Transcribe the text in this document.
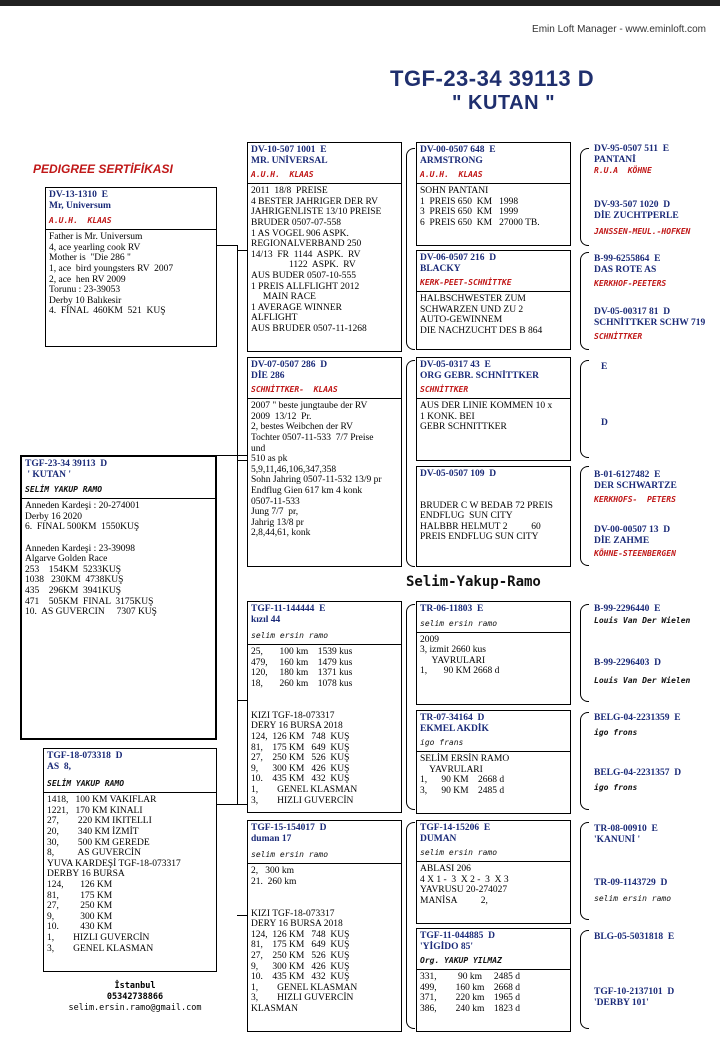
Emin Loft Manager - www.eminloft.com
TGF-23-34 39113 D
" KUTAN "
PEDIGREE SERTİFİKASI
Selim-Yakup-Ramo
DV-13-1310  E
Mr, Universum
A.U.H.  KLAAS
Father is Mr. Universum
4, ace yearling cook RV
Mother is  "Die 286 "
1, ace  bird youngsters RV  2007
2, ace  hen RV 2009
Torunu : 23-39053
Derby 10 Balıkesir
4.  FİNAL  460KM  521  KUŞ
TGF-23-34 39113  D
' KUTAN '
SELİM YAKUP RAMO
Anneden Kardeşi : 20-274001
Derby 16 2020
6.  FINAL 500KM  1550KUŞ

Anneden Kardeşi : 23-39098
Algarve Golden Race
253    154KM  5233KUŞ
1038   230KM  4738KUŞ
435    296KM  3941KUŞ
471    505KM  FINAL  3175KUŞ
10.  AS GUVERCIN     7307 KUŞ
TGF-18-073318  D
AS  8,
SELİM YAKUP RAMO
1418,   100 KM VAKIFLAR
1221,   170 KM KINALI
27,        220 KM IKITELLI
20,        340 KM İZMİT
30,        500 KM GEREDE
8,          AS GUVERCİN
YUVA KARDEŞİ TGF-18-073317
DERBY 16 BURSA
124,       126 KM
81,         175 KM
27,         250 KM
9,           300 KM
10.         430 KM
1,        HIZLI GUVERCİN
3,        GENEL KLASMAN
İstanbul
05342738866
selim.ersin.ramo@gmail.com
DV-10-507 1001  E
MR. UNİVERSAL
A.U.H.  KLAAS
2011  18/8  PREISE
4 BESTER JAHRIGER DER RV
JAHRIGENLISTE 13/10 PREISE
BRUDER 0507-07-558
1 AS VOGEL 906 ASPK.
REGIONALVERBAND 250
14/13  FR  1144  ASPK.  RV
1122  ASPK.  RV
AUS BUDER 0507-10-555
1 PREIS ALLFLIGHT 2012
MAIN RACE
1 AVERAGE WINNER
ALFLIGHT
AUS BRUDER 0507-11-1268
DV-07-0507 286  D
DİE 286
SCHNİTTKER-  KLAAS
2007 " beste jungtaube der RV
2009  13/12  Pr.
2, bestes Weibchen der RV
Tochter 0507-11-533  7/7 Preise
und
510 as pk
5,9,11,46,106,347,358
Sohn Jahring 0507-11-532 13/9 pr
Endflug Gien 617 km 4 konk
0507-11-533
Jung 7/7  pr,
Jahrig 13/8 pr
2,8,44,61, konk
TGF-11-144444  E
kızıl 44
selim ersin ramo
25,       100 km    1539 kus
479,     160 km    1479 kus
120,     180 km    1371 kus
18,       260 km    1078 kus

KIZI TGF-18-073317
DERY 16 BURSA 2018
124,  126 KM   748  KUŞ
81,    175 KM   649  KUŞ
27,    250 KM   526  KUŞ
9,      300 KM   426  KUŞ
10.    435 KM   432  KUŞ
1,        GENEL KLASMAN
3,        HIZLI GUVERCİN
TGF-15-154017  D
duman 17
selim ersin ramo
2,   300 km
21.  260 km

KIZI TGF-18-073317
DERY 16 BURSA 2018
124,  126 KM   748  KUŞ
81,    175 KM   649  KUŞ
27,    250 KM   526  KUŞ
9,      300 KM   426  KUŞ
10.    435 KM   432  KUŞ
1,        GENEL KLASMAN
3,        HIZLI GUVERCİN
KLASMAN
DV-00-0507 648  E
ARMSTRONG
A.U.H.  KLAAS
SOHN PANTANI
1  PREIS 650  KM   1998
3  PREIS 650  KM   1999
6  PREIS 650  KM   27000 TB.
DV-06-0507 216  D
BLACKY
KERK-PEET-SCHNİTTKE
HALBSCHWESTER ZUM
SCHWARZEN UND ZU 2
AUTO-GEWINNEM
DIE NACHZUCHT DES B 864
DV-05-0317 43  E
ORG GEBR. SCHNİTTKER
SCHNİTTKER
AUS DER LINIE KOMMEN 10 x
1 KONK. BEI
GEBR SCHNITTKER
DV-05-0507 109  D
BRUDER C W BEDAB 72 PREIS
ENDFLUG  SUN CITY
HALBBR HELMUT 2          60
PREIS ENDFLUG SUN CITY
TR-06-11803  E
selim ersin ramo
2009
3, izmit 2660 kus
YAVRULARI
1,       90 KM 2668 d
TR-07-34164  D
EKMEL AKDİK
igo frans
SELİM ERSİN RAMO
YAVRULARI
1,      90 KM    2668 d
3,      90 KM    2485 d
TGF-14-15206  E
DUMAN
selim ersin ramo
ABLASI 206
4 X 1 -  3  X 2 -  3  X 3
YAVRUSU 20-274027
MANİSA          2,
TGF-11-044885  D
'YİGİDO 85'
Org. YAKUP YILMAZ
331,         90 km     2485 d
499,        160 km    2668 d
371,        220 km    1965 d
386,        240 km    1823 d
DV-95-0507 511  E
PANTANİ
R.U.A  KÖHNE
DV-93-507 1020  D
DİE ZUCHTPERLE
JANSSEN-MEUL.-HOFKEN
B-99-6255864  E
DAS ROTE AS
KERKHOF-PEETERS
DV-05-00317 81  D
SCHNİTTKER SCHW 719
SCHNİTTKER
E
D
B-01-6127482  E
DER SCHWARTZE
KERKHOFS-  PETERS
DV-00-00507 13  D
DİE ZAHME
KÖHNE-STEENBERGEN
B-99-2296440  E
Louis Van Der Wielen
B-99-2296403  D
Louis Van Der Wielen
BELG-04-2231359  E
igo frons
BELG-04-2231357  D
igo frons
TR-08-00910  E
'KANUNİ '
TR-09-1143729  D
selim ersin ramo
BLG-05-5031818  E
TGF-10-2137101  D
'DERBY 101'
